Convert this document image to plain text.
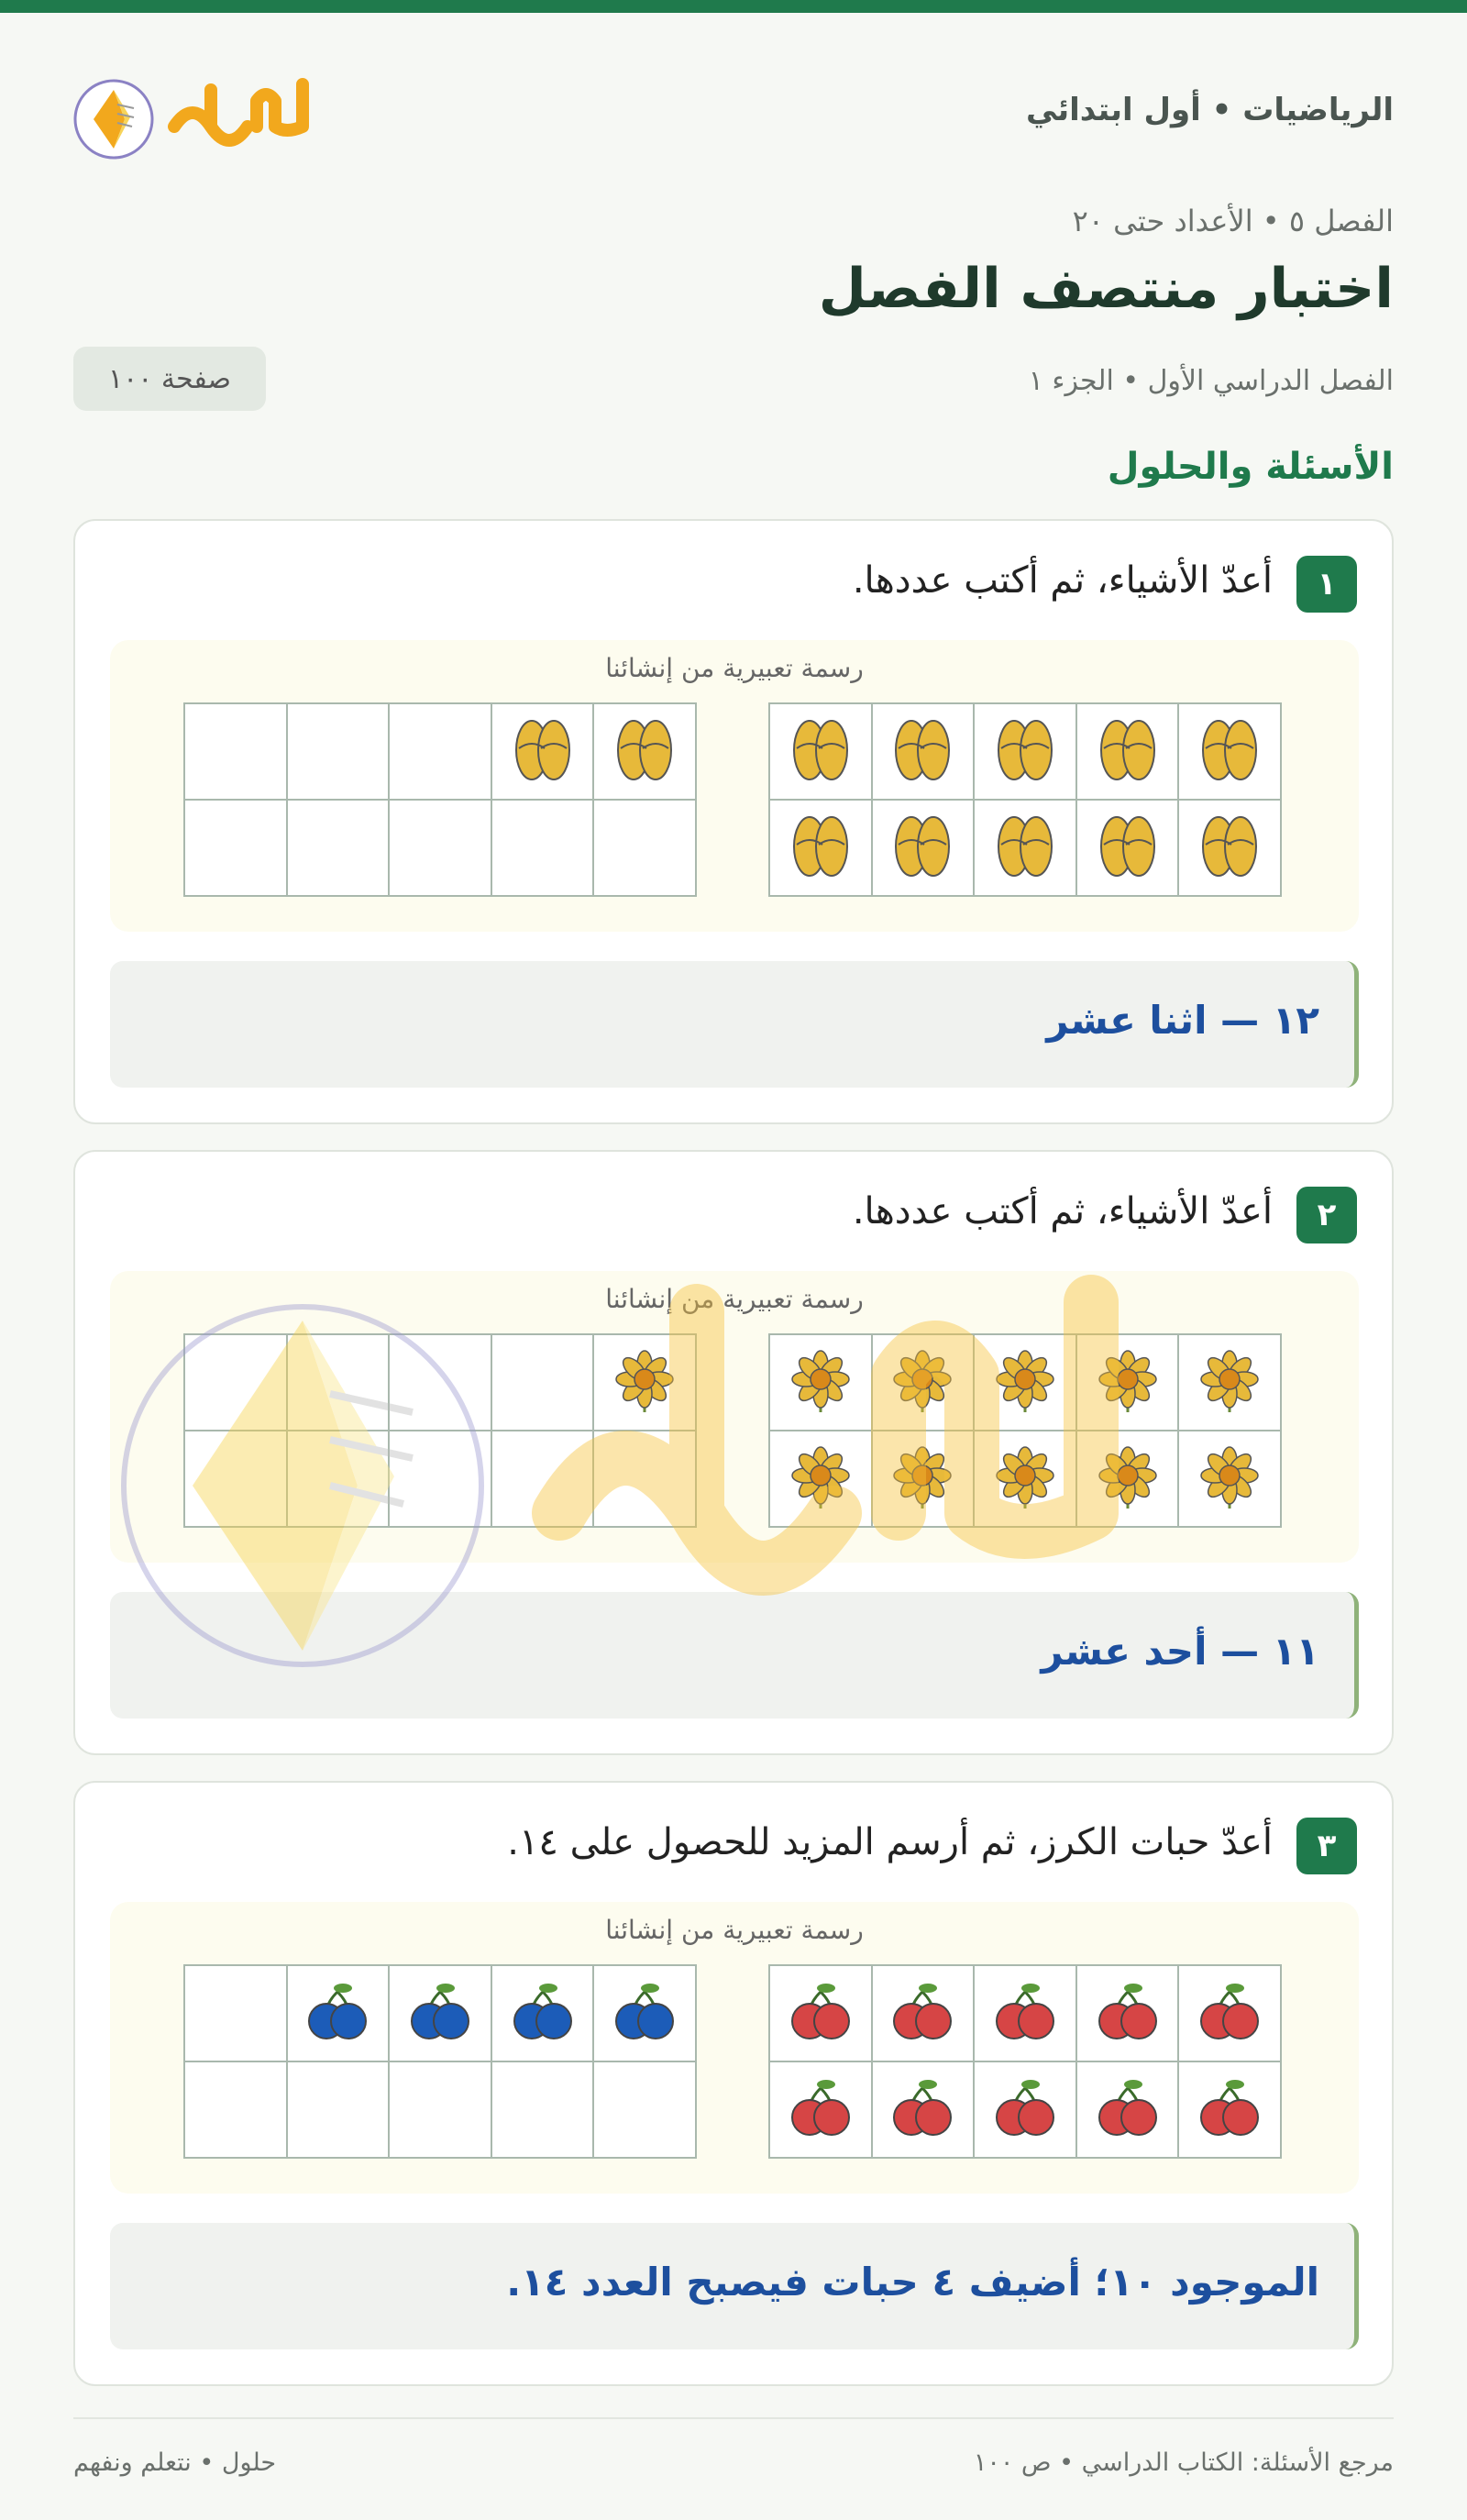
الرياضيات • أول ابتدائي
الفصل ٥ • الأعداد حتى ٢٠
اختبار منتصف الفصل
الفصل الدراسي الأول • الجزء ١
صفحة ١٠٠
الأسئلة والحلول
١
أعدّ الأشياء، ثم أكتب عددها.
رسمة تعبيرية من إنشائنا

١٢ — اثنا عشر
٢
أعدّ الأشياء، ثم أكتب عددها.
رسمة تعبيرية من إنشائنا

١١ — أحد عشر
٣
أعدّ حبات الكرز، ثم أرسم المزيد للحصول على ١٤.
رسمة تعبيرية من إنشائنا

الموجود ١٠؛ أضيف ٤ حبات فيصبح العدد ١٤.
مرجع الأسئلة: الكتاب الدراسي • ص ١٠٠
حلول • نتعلم ونفهم
